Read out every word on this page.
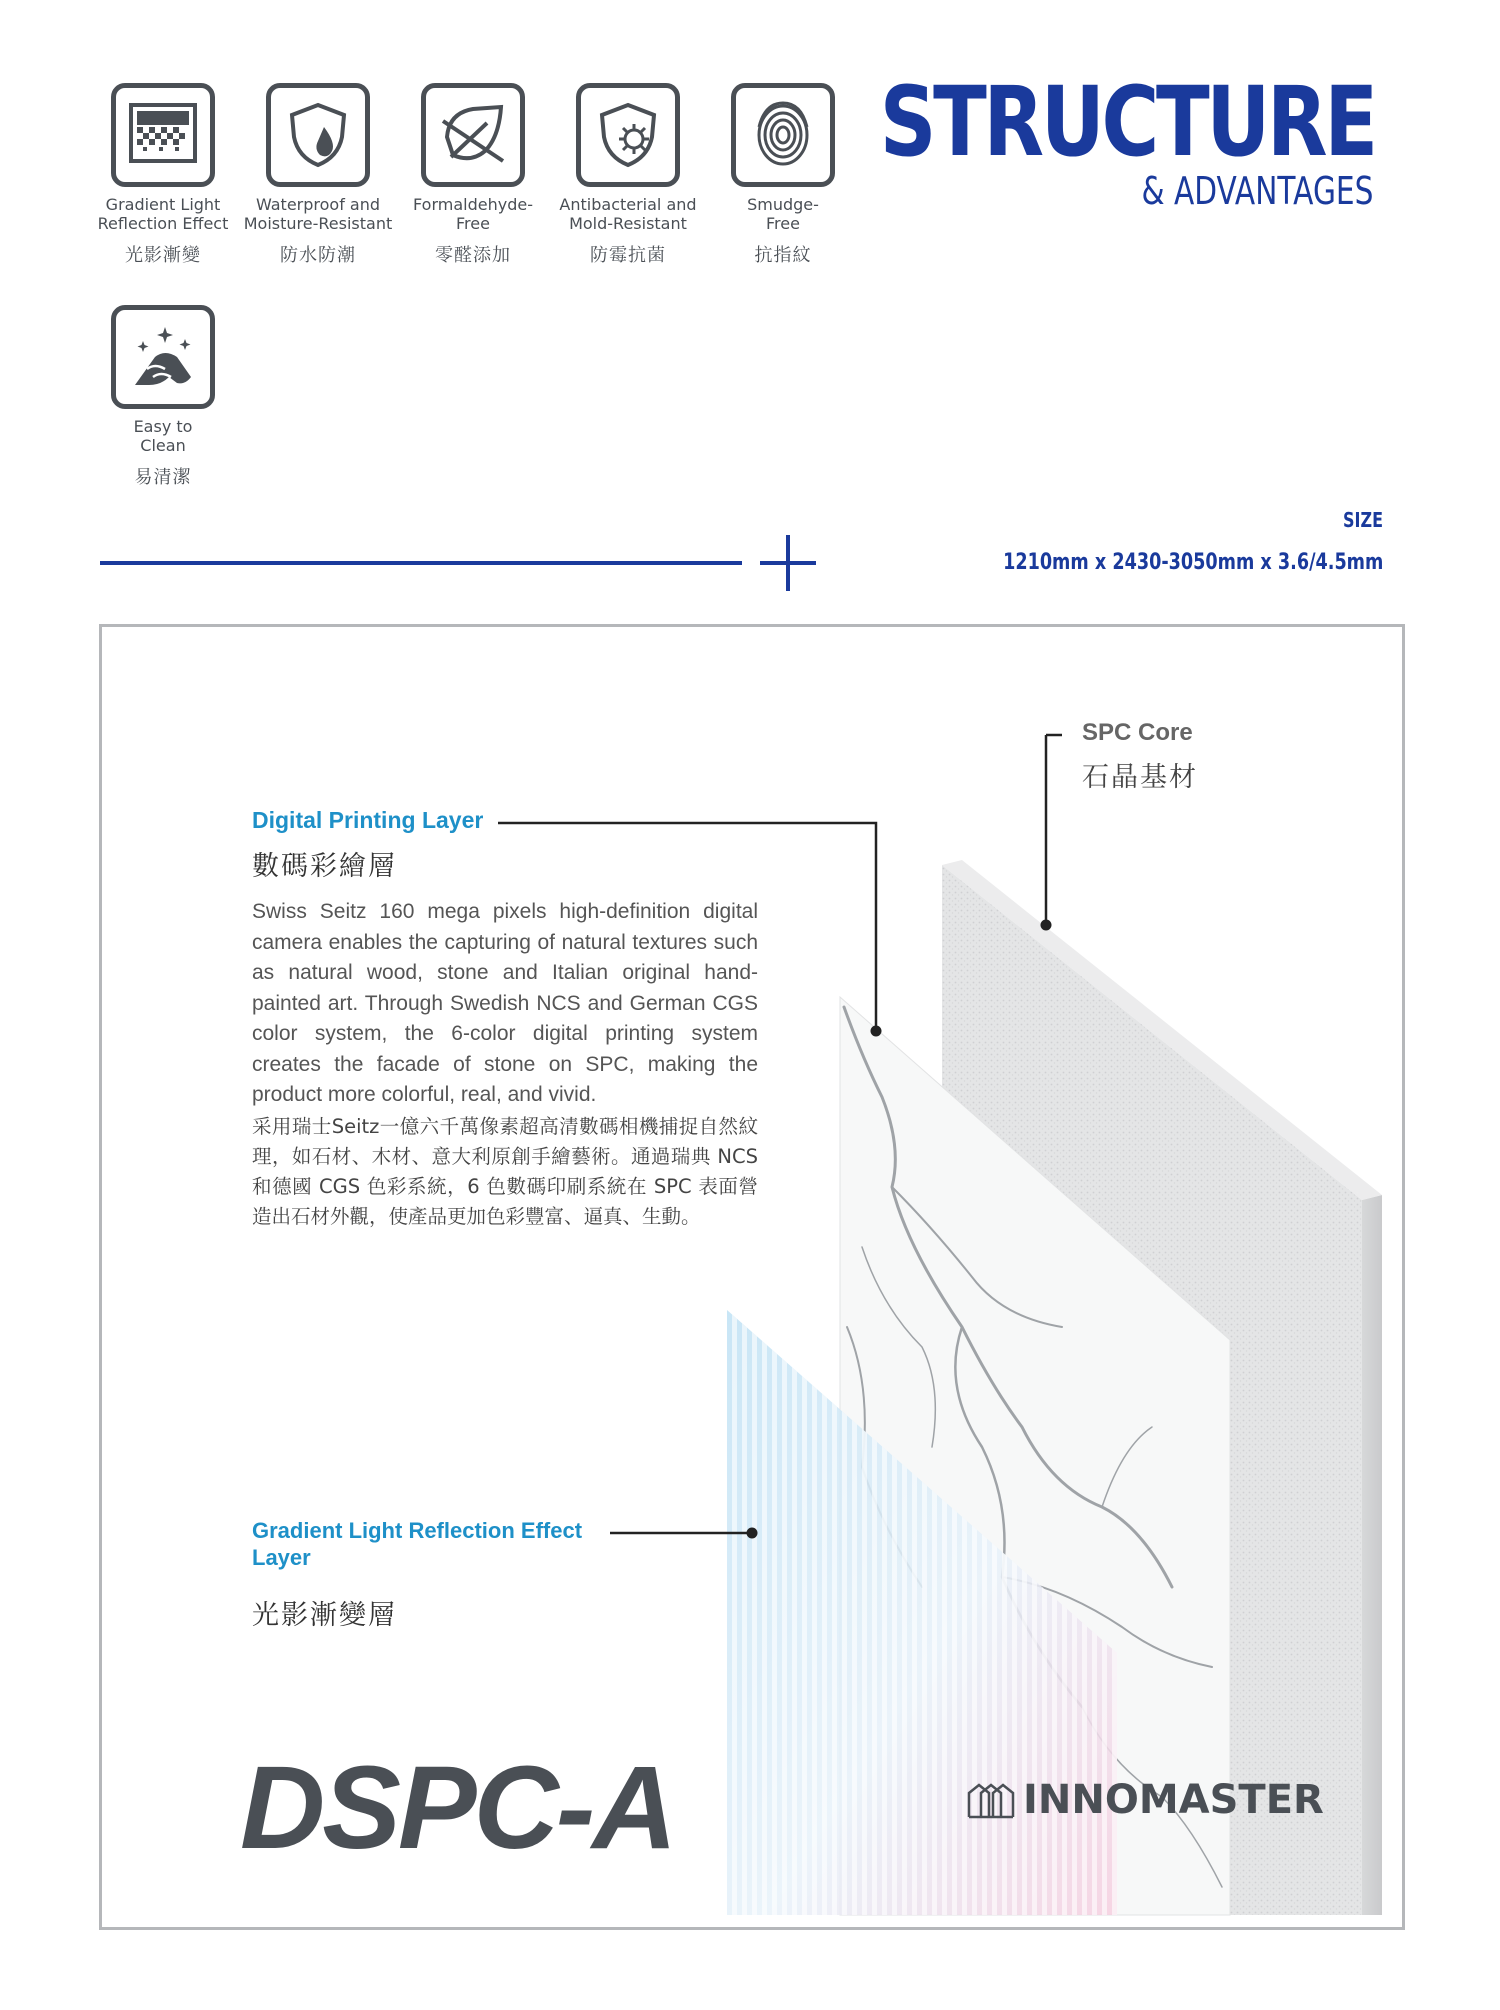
STRUCTURE
& ADVANTAGES
Gradient Light
Reflection Effect
光影漸變
Waterproof and
Moisture-Resistant
防水防潮
Formaldehyde-
Free
零醛添加
Antibacterial and
Mold-Resistant
防霉抗菌
Smudge-
Free
抗指紋
Easy to
Clean
易清潔
SIZE
1210mm x 2430-3050mm x 3.6/4.5mm
Digital Printing Layer
數碼彩繪層
Swiss Seitz 160 mega pixels high-definition digital camera enables the capturing of natural textures such as natural wood, stone and Italian original hand-painted art. Through Swedish NCS and German CGS color system, the 6-color digital printing system creates the facade of stone on SPC, making the product more colorful, real, and vivid.
采用瑞士Seitz一億六千萬像素超高清數碼相機捕捉自然紋理，如石材、木材、意大利原創手繪藝術。通過瑞典 NCS 和德國 CGS 色彩系統，6 色數碼印刷系統在 SPC 表面營造出石材外觀，使產品更加色彩豐富、逼真、生動。
SPC Core
石晶基材
Gradient Light Reflection Effect Layer
光影漸變層
DSPC-A	INNOMASTER
